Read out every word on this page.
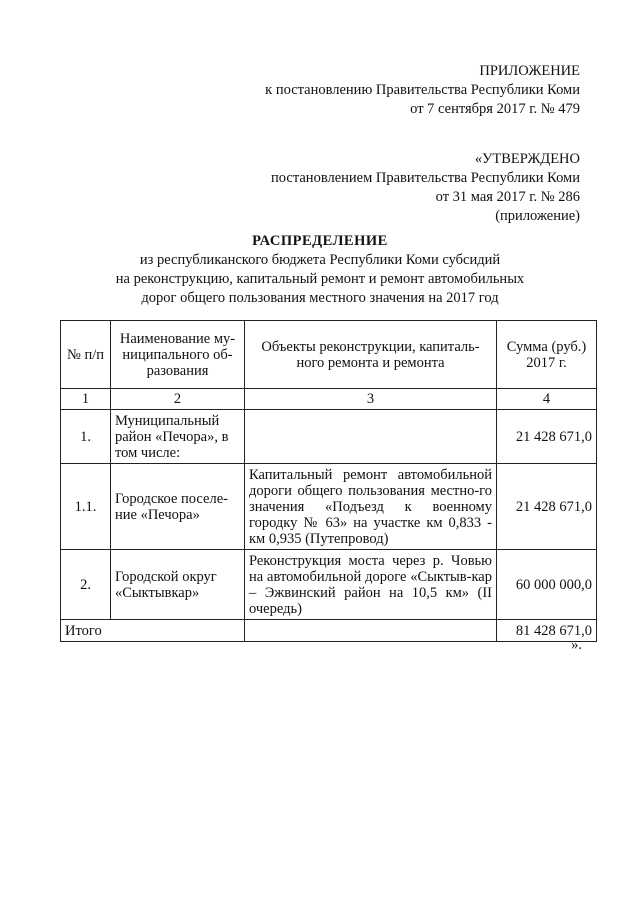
ПРИЛОЖЕНИЕ
к постановлению Правительства Республики Коми
от 7 сентября 2017 г. № 479
«УТВЕРЖДЕНО
постановлением Правительства Республики Коми
от 31 мая 2017 г. № 286
(приложение)
РАСПРЕДЕЛЕНИЕ
из республиканского бюджета Республики Коми субсидий
на реконструкцию, капитальный ремонт и ремонт автомобильных
дорог общего пользования местного значения на 2017 год
№ п/п	Наименование му-ниципального об-разования	Объекты реконструкции, капиталь-ного ремонта и ремонта	Сумма (руб.) 2017 г.
1	2	3	4
1.	Муниципальный район «Печора», в том числе:		21 428 671,0
1.1.	Городское поселе-ние «Печора»	Капитальный ремонт автомобильной дороги общего пользования местно-го значения «Подъезд к военному городку № 63» на участке км 0,833 - км 0,935 (Путепровод)	21 428 671,0
2.	Городской округ «Сыктывкар»	Реконструкция моста через р. Човью на автомобильной дороге «Сыктыв-кар – Эжвинский район на 10,5 км» (II очередь)	60 000 000,0
Итого			81 428 671,0
».
